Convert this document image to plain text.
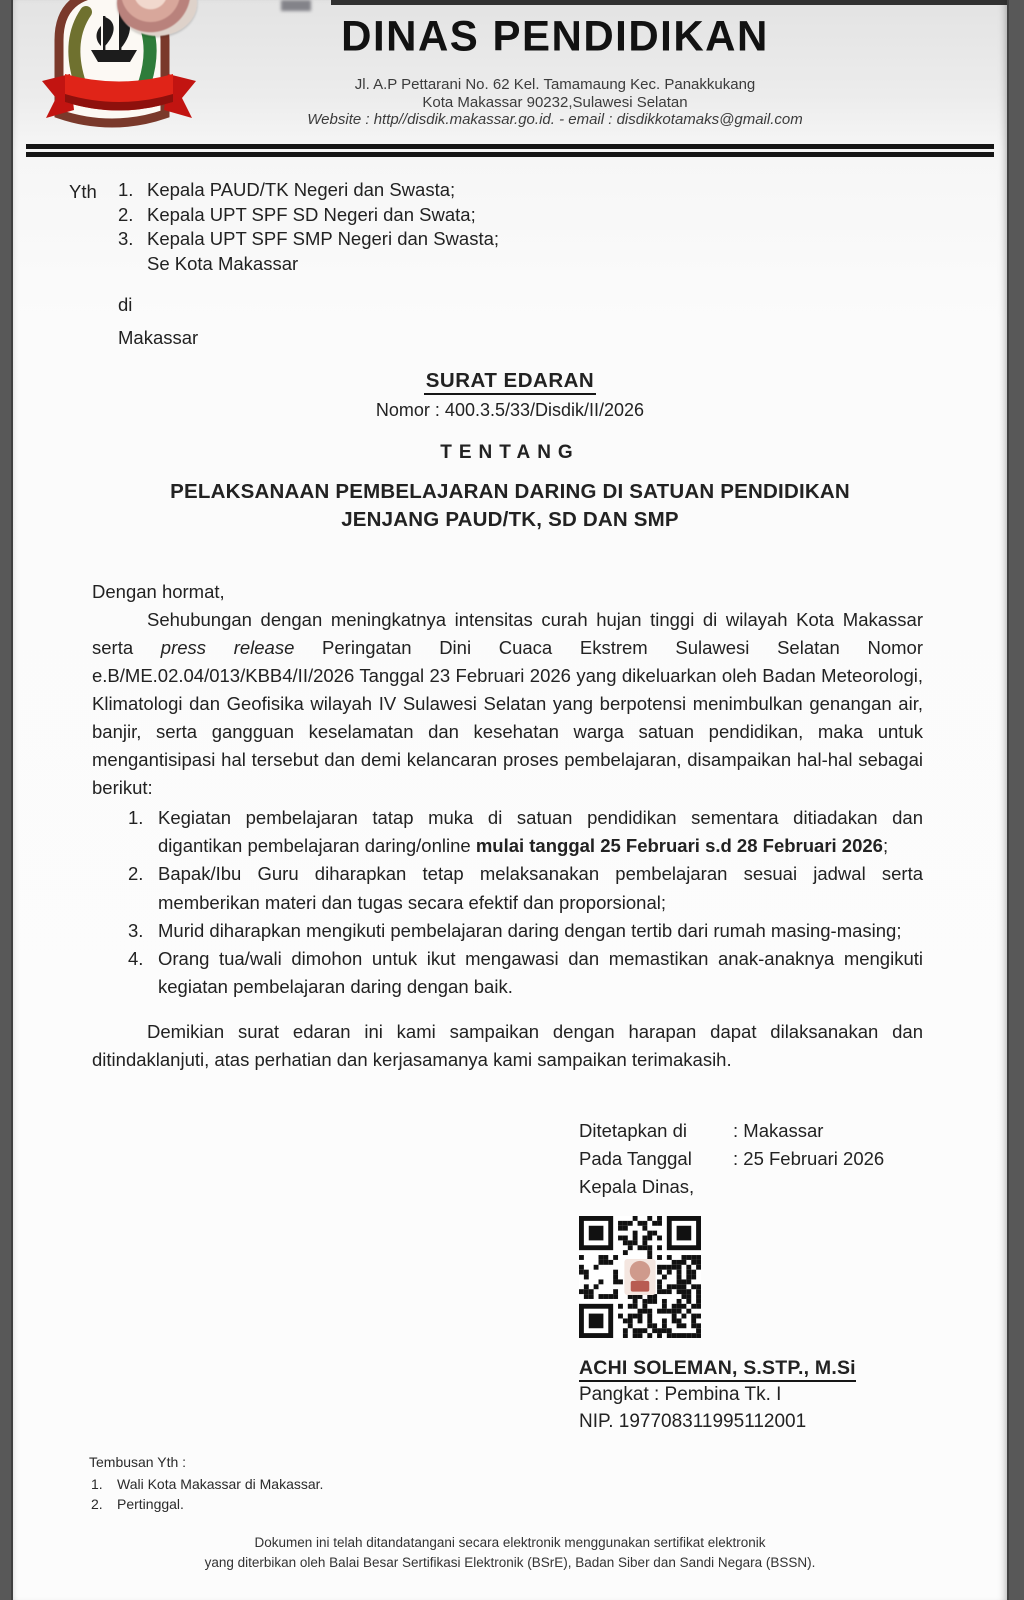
DINAS PENDIDIKAN
Jl. A.P Pettarani No. 62 Kel. Tamamaung Kec. Panakkukang
Kota Makassar 90232,Sulawesi Selatan
Website : http//disdik.makassar.go.id. - email : disdikkotamaks@gmail.com
Yth	Kepala PAUD/TK Negeri dan Swasta;
Kepala UPT SPF SD Negeri dan Swata;
Kepala UPT SPF SMP Negeri dan Swasta;
Se Kota Makassar
di
Makassar
SURAT EDARAN
Nomor : 400.3.5/33/Disdik/II/2026
TENTANG
PELAKSANAAN PEMBELAJARAN DARING DI SATUAN PENDIDIKAN
JENJANG PAUD/TK, SD DAN SMP
Dengan hormat,

Sehubungan dengan meningkatnya intensitas curah hujan tinggi di wilayah Kota Makassar serta press release Peringatan Dini Cuaca Ekstrem Sulawesi Selatan Nomor e.B/ME.02.04/013/KBB4/II/2026 Tanggal 23 Februari 2026 yang dikeluarkan oleh Badan Meteorologi, Klimatologi dan Geofisika wilayah IV Sulawesi Selatan yang berpotensi menimbulkan genangan air, banjir, serta gangguan keselamatan dan kesehatan warga satuan pendidikan, maka untuk mengantisipasi hal tersebut dan demi kelancaran proses pembelajaran, disampaikan hal-hal sebagai berikut:

Kegiatan pembelajaran tatap muka di satuan pendidikan sementara ditiadakan dan digantikan pembelajaran daring/online mulai tanggal 25 Februari s.d 28 Februari 2026;
Bapak/Ibu Guru diharapkan tetap melaksanakan pembelajaran sesuai jadwal serta memberikan materi dan tugas secara efektif dan proporsional;
Murid diharapkan mengikuti pembelajaran daring dengan tertib dari rumah masing-masing;
Orang tua/wali dimohon untuk ikut mengawasi dan memastikan anak-anaknya mengikuti kegiatan pembelajaran daring dengan baik.

Demikian surat edaran ini kami sampaikan dengan harapan dapat dilaksanakan dan ditindaklanjuti, atas perhatian dan kerjasamanya kami sampaikan terimakasih.

Ditetapkan di	: Makassar
Pada Tanggal	: 25 Februari 2026
Kepala Dinas,
ACHI SOLEMAN, S.STP., M.Si
Pangkat : Pembina Tk. I
NIP. 197708311995112001
Tembusan Yth :
Wali Kota Makassar di Makassar.
Pertinggal.
Dokumen ini telah ditandatangani secara elektronik menggunakan sertifikat elektronik
yang diterbikan oleh Balai Besar Sertifikasi Elektronik (BSrE), Badan Siber dan Sandi Negara (BSSN).
